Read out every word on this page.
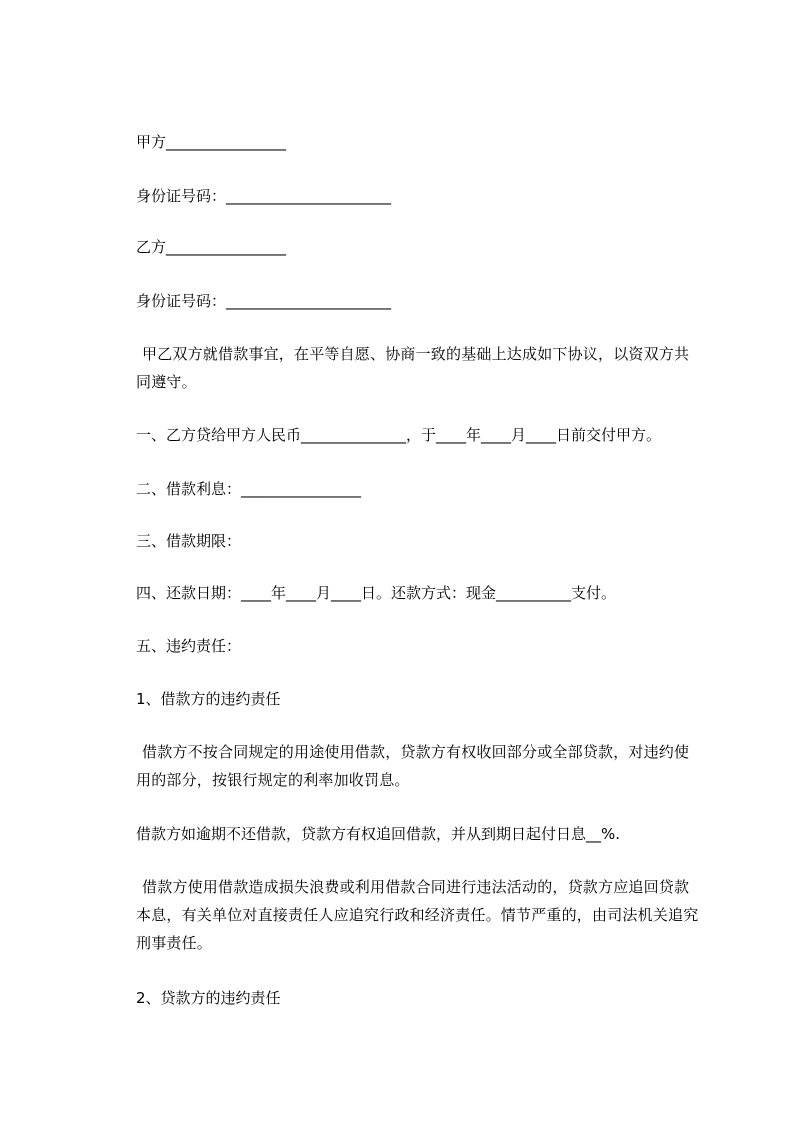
甲方________________
身份证号码：______________________
乙方________________
身份证号码：______________________
甲乙双方就借款事宜，在平等自愿、协商一致的基础上达成如下协议，以资双方共同遵守。
一、乙方贷给甲方人民币______________，于____年____月____日前交付甲方。
二、借款利息：________________
三、借款期限：
四、还款日期：____年____月____日。还款方式：现金__________支付。
五、违约责任：
1、借款方的违约责任
借款方不按合同规定的用途使用借款，贷款方有权收回部分或全部贷款，对违约使用的部分，按银行规定的利率加收罚息。
借款方如逾期不还借款，贷款方有权追回借款，并从到期日起付日息__%.
借款方使用借款造成损失浪费或利用借款合同进行违法活动的，贷款方应追回贷款本息，有关单位对直接责任人应追究行政和经济责任。情节严重的，由司法机关追究刑事责任。
2、贷款方的违约责任
